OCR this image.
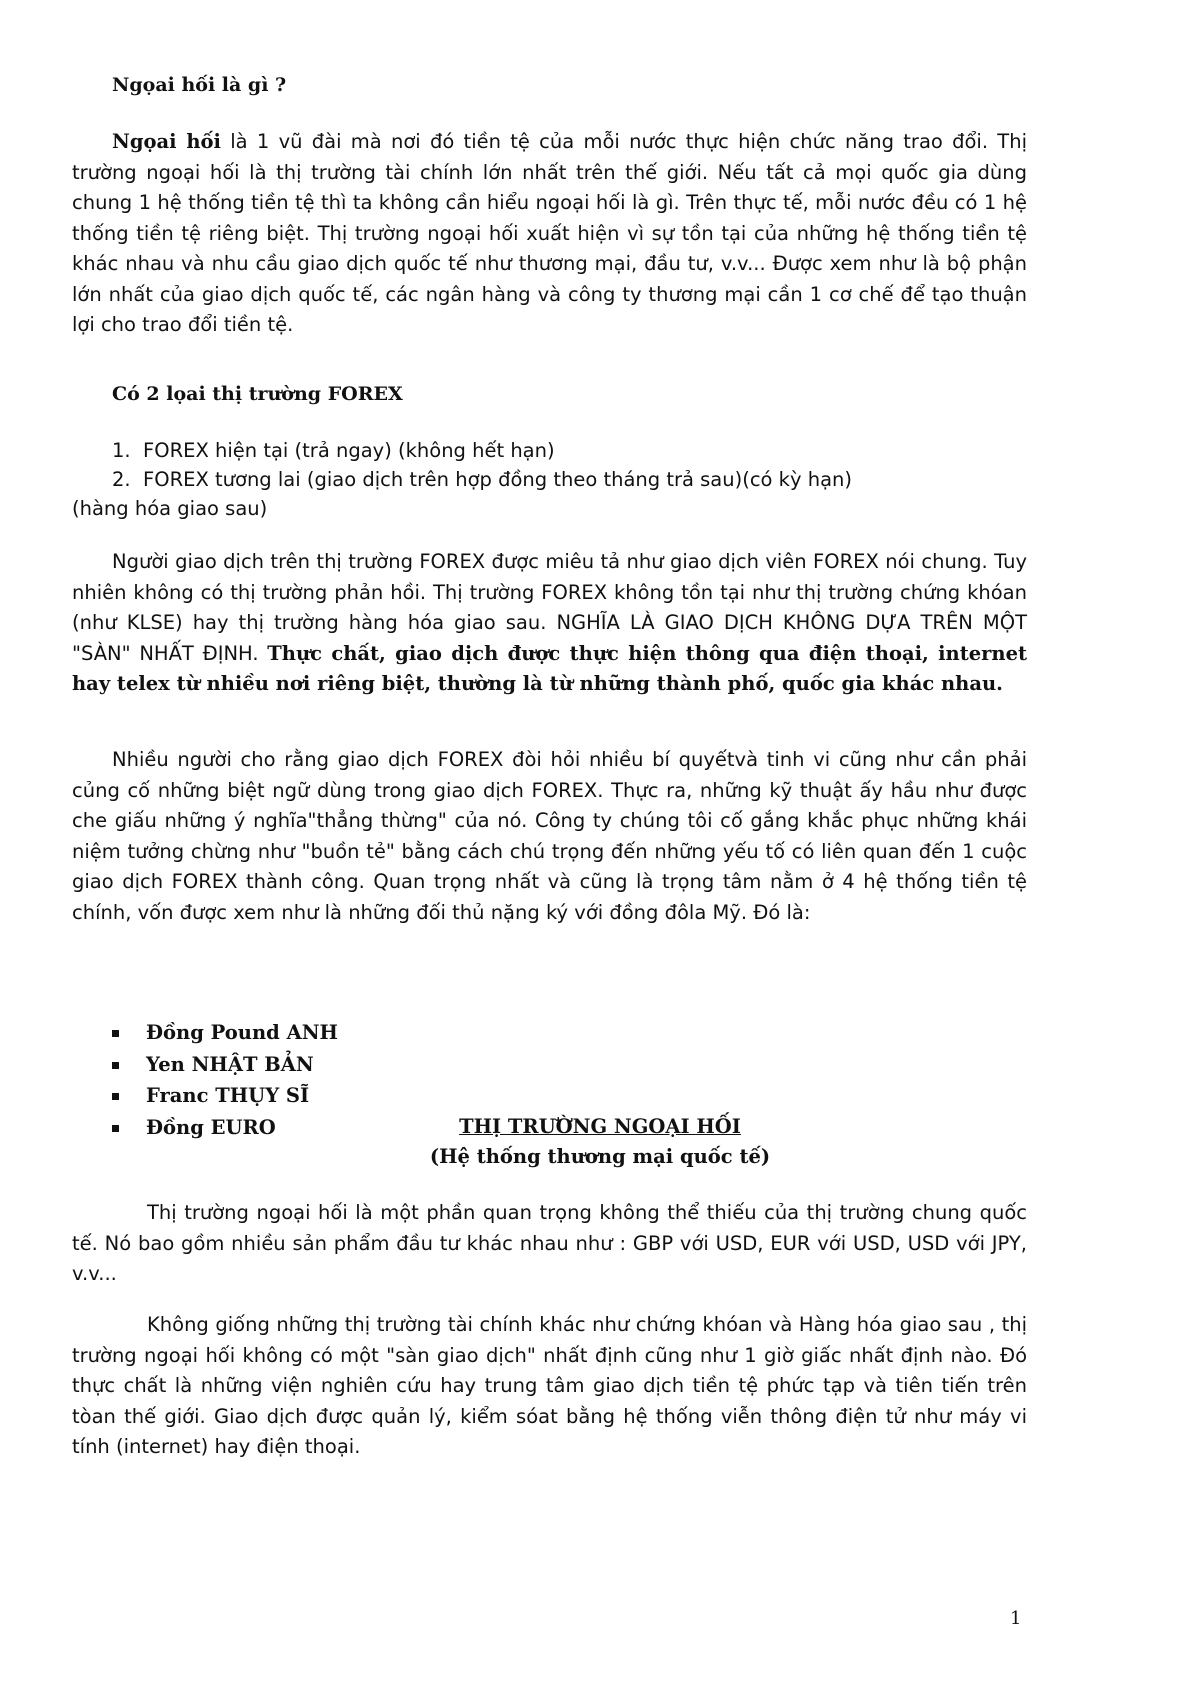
Ngọai hối là gì ?

Ngọai hối là 1 vũ đài mà nơi đó tiền tệ của mỗi nước thực hiện chức năng trao đổi. Thị trường ngoại hối là thị trường tài chính lớn nhất trên thế giới. Nếu tất cả mọi quốc gia dùng chung 1 hệ thống tiền tệ thì ta không cần hiểu ngoại hối là gì. Trên thực tế, mỗi nước đều có 1 hệ thống tiền tệ riêng biệt. Thị trường ngoại hối xuất hiện vì sự tồn tại của những hệ thống tiền tệ khác nhau và nhu cầu giao dịch quốc tế như thương mại, đầu tư, v.v... Được xem như là bộ phận lớn nhất của giao dịch quốc tế, các ngân hàng và công ty thương mại cần 1 cơ chế để tạo thuận lợi cho trao đổi tiền tệ.

Có 2 lọai thị trường FOREX
1. FOREX hiện tại (trả ngay) (không hết hạn)
2. FOREX tương lai (giao dịch trên hợp đồng theo tháng trả sau)(có kỳ hạn)
(hàng hóa giao sau)

Người giao dịch trên thị trường FOREX được miêu tả như giao dịch viên FOREX nói chung. Tuy nhiên không có thị trường phản hồi. Thị trường FOREX không tồn tại như thị trường chứng khóan (như KLSE) hay thị trường hàng hóa giao sau. NGHĨA LÀ GIAO DỊCH KHÔNG DỰA TRÊN MỘT "SÀN" NHẤT ĐỊNH. Thực chất, giao dịch được thực hiện thông qua điện thoại, internet hay telex từ nhiều nơi riêng biệt, thường là từ những thành phố, quốc gia khác nhau.

Nhiều người cho rằng giao dịch FOREX đòi hỏi nhiều bí quyếtvà tinh vi cũng như cần phải củng cố những biệt ngữ dùng trong giao dịch FOREX. Thực ra, những kỹ thuật ấy hầu như được che giấu những ý nghĩa"thẳng thừng" của nó. Công ty chúng tôi cố gắng khắc phục những khái niệm tưởng chừng như "buồn tẻ" bằng cách chú trọng đến những yếu tố có liên quan đến 1 cuộc giao dịch FOREX thành công. Quan trọng nhất và cũng là trọng tâm nằm ở 4 hệ thống tiền tệ chính, vốn được xem như là những đối thủ nặng ký với đồng đôla Mỹ. Đó là:

Đồng Pound ANH
Yen NHẬT BẢN
Franc THỤY SĨ
Đồng EURO	THỊ TRƯỜNG NGOẠI HỐI
(Hệ thống thương mại quốc tế)

Thị trường ngoại hối là một phần quan trọng không thể thiếu của thị trường chung quốc tế. Nó bao gồm nhiều sản phẩm đầu tư khác nhau như : GBP với USD, EUR với USD, USD với JPY, v.v...

Không giống những thị trường tài chính khác như chứng khóan và Hàng hóa giao sau , thị trường ngoại hối không có một "sàn giao dịch" nhất định cũng như 1 giờ giấc nhất định nào. Đó thực chất là những viện nghiên cứu hay trung tâm giao dịch tiền tệ phức tạp và tiên tiến trên tòan thế giới. Giao dịch được quản lý, kiểm sóat bằng hệ thống viễn thông điện tử như máy vi tính (internet) hay điện thoại.

1
